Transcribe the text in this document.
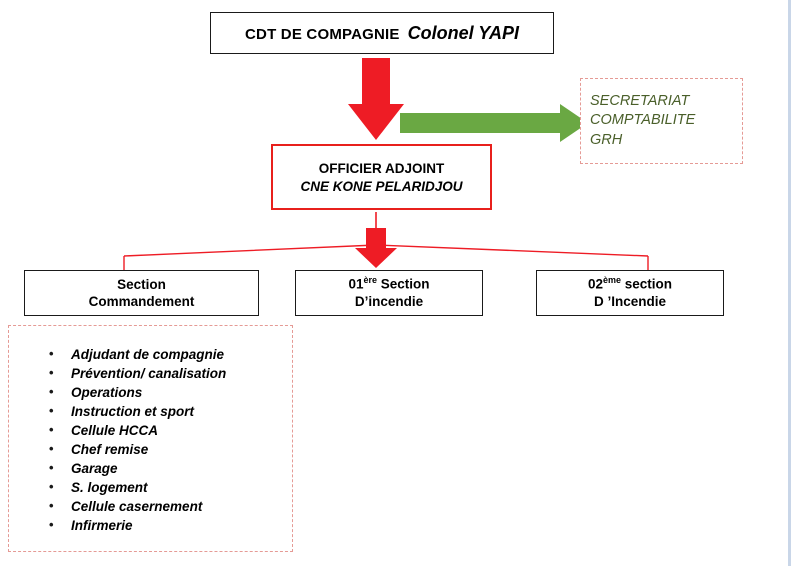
CDT DE COMPAGNIE Colonel YAPI
SECRETARIAT
COMPTABILITE
GRH
OFFICIER ADJOINT
CNE KONE PELARIDJOU
Section
Commandement
01ère Section
D’incendie
02ème section
D ’Incendie
• Adjudant de compagnie
• Prévention/ canalisation
• Operations
• Instruction et sport
• Cellule HCCA
• Chef remise
• Garage
• S. logement
• Cellule casernement
• Infirmerie
